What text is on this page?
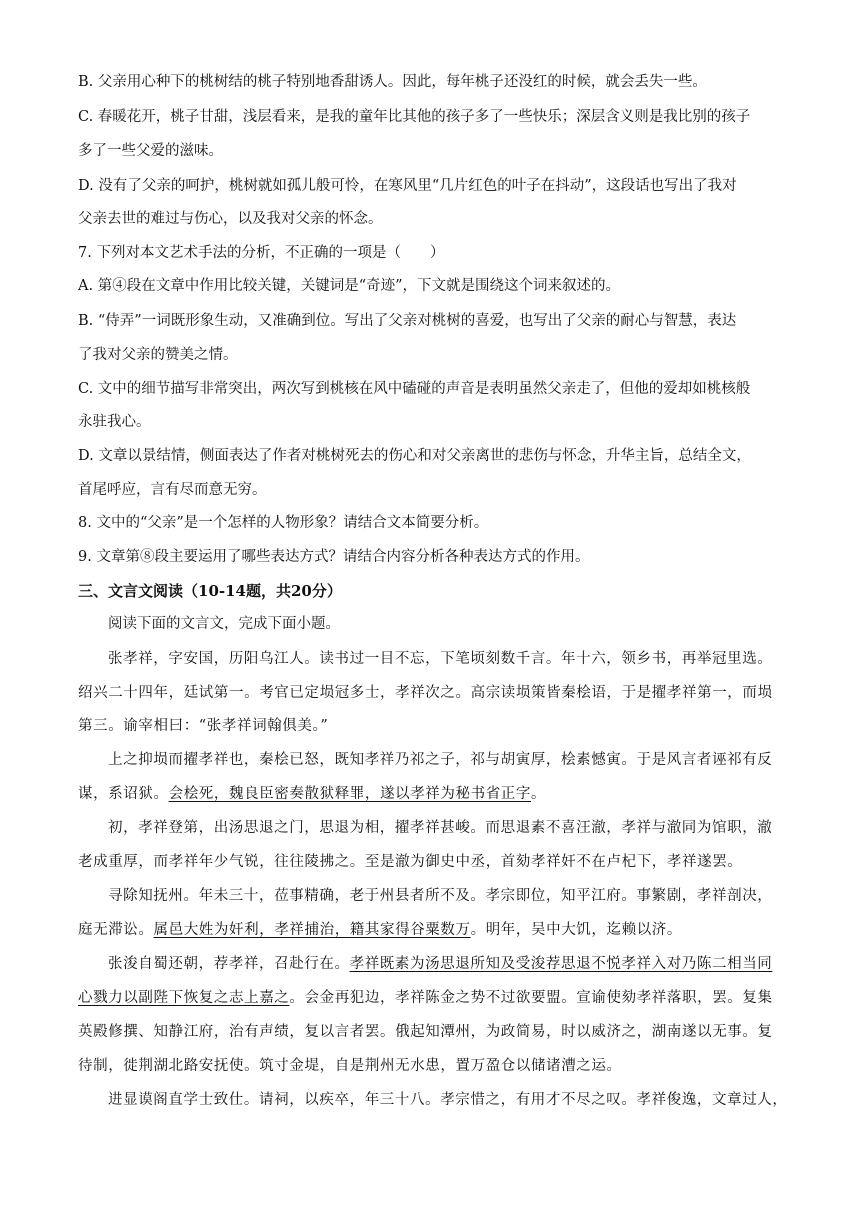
B. 父亲用心种下的桃树结的桃子特别地香甜诱人。因此，每年桃子还没红的时候，就会丢失一些。
C. 春暖花开，桃子甘甜，浅层看来，是我的童年比其他的孩子多了一些快乐；深层含义则是我比别的孩子
多了一些父爱的滋味。
D. 没有了父亲的呵护，桃树就如孤儿般可怜，在寒风里“几片红色的叶子在抖动”，这段话也写出了我对
父亲去世的难过与伤心，以及我对父亲的怀念。
7. 下列对本文艺术手法的分析，不正确的一项是（　　）
A. 第④段在文章中作用比较关键，关键词是“奇迹”，下文就是围绕这个词来叙述的。
B. “侍弄”一词既形象生动，又准确到位。写出了父亲对桃树的喜爱，也写出了父亲的耐心与智慧，表达
了我对父亲的赞美之情。
C. 文中的细节描写非常突出，两次写到桃核在风中磕碰的声音是表明虽然父亲走了，但他的爱却如桃核般
永驻我心。
D. 文章以景结情，侧面表达了作者对桃树死去的伤心和对父亲离世的悲伤与怀念，升华主旨，总结全文，
首尾呼应，言有尽而意无穷。
8. 文中的“父亲”是一个怎样的人物形象？请结合文本简要分析。
9. 文章第⑧段主要运用了哪些表达方式？请结合内容分析各种表达方式的作用。
三、文言文阅读（10-14题，共20分）
阅读下面的文言文，完成下面小题。
张孝祥，字安国，历阳乌江人。读书过一目不忘，下笔顷刻数千言。年十六，领乡书，再举冠里选。
绍兴二十四年，廷试第一。考官已定埙冠多士，孝祥次之。高宗读埙策皆秦桧语，于是擢孝祥第一，而埙
第三。谕宰相曰：“张孝祥词翰俱美。”
上之抑埙而擢孝祥也，秦桧已怒，既知孝祥乃祁之子，祁与胡寅厚，桧素憾寅。于是风言者诬祁有反
谋，系诏狱。会桧死，魏良臣密奏散狱释罪，遂以孝祥为秘书省正字。
初，孝祥登第，出汤思退之门，思退为相，擢孝祥甚峻。而思退素不喜汪澈，孝祥与澈同为馆职，澈
老成重厚，而孝祥年少气锐，往往陵拂之。至是澈为御史中丞，首劾孝祥奸不在卢杞下，孝祥遂罢。
寻除知抚州。年未三十，莅事精确，老于州县者所不及。孝宗即位，知平江府。事繁剧，孝祥剖决，
庭无滞讼。属邑大姓为奸利，孝祥捕治，籍其家得谷粟数万。明年，吴中大饥，迄赖以济。
张浚自蜀还朝，荐孝祥，召赴行在。孝祥既素为汤思退所知及受浚荐思退不悦孝祥入对乃陈二相当同
心戮力以副陛下恢复之志上嘉之。会金再犯边，孝祥陈金之势不过欲要盟。宣谕使劾孝祥落职，罢。复集
英殿修撰、知静江府，治有声绩，复以言者罢。俄起知潭州，为政简易，时以威济之，湖南遂以无事。复
待制，徙荆湖北路安抚使。筑寸金堤，自是荆州无水患，置万盈仓以储诸漕之运。
进显谟阁直学士致仕。请祠，以疾卒，年三十八。孝宗惜之，有用才不尽之叹。孝祥俊逸，文章过人，
